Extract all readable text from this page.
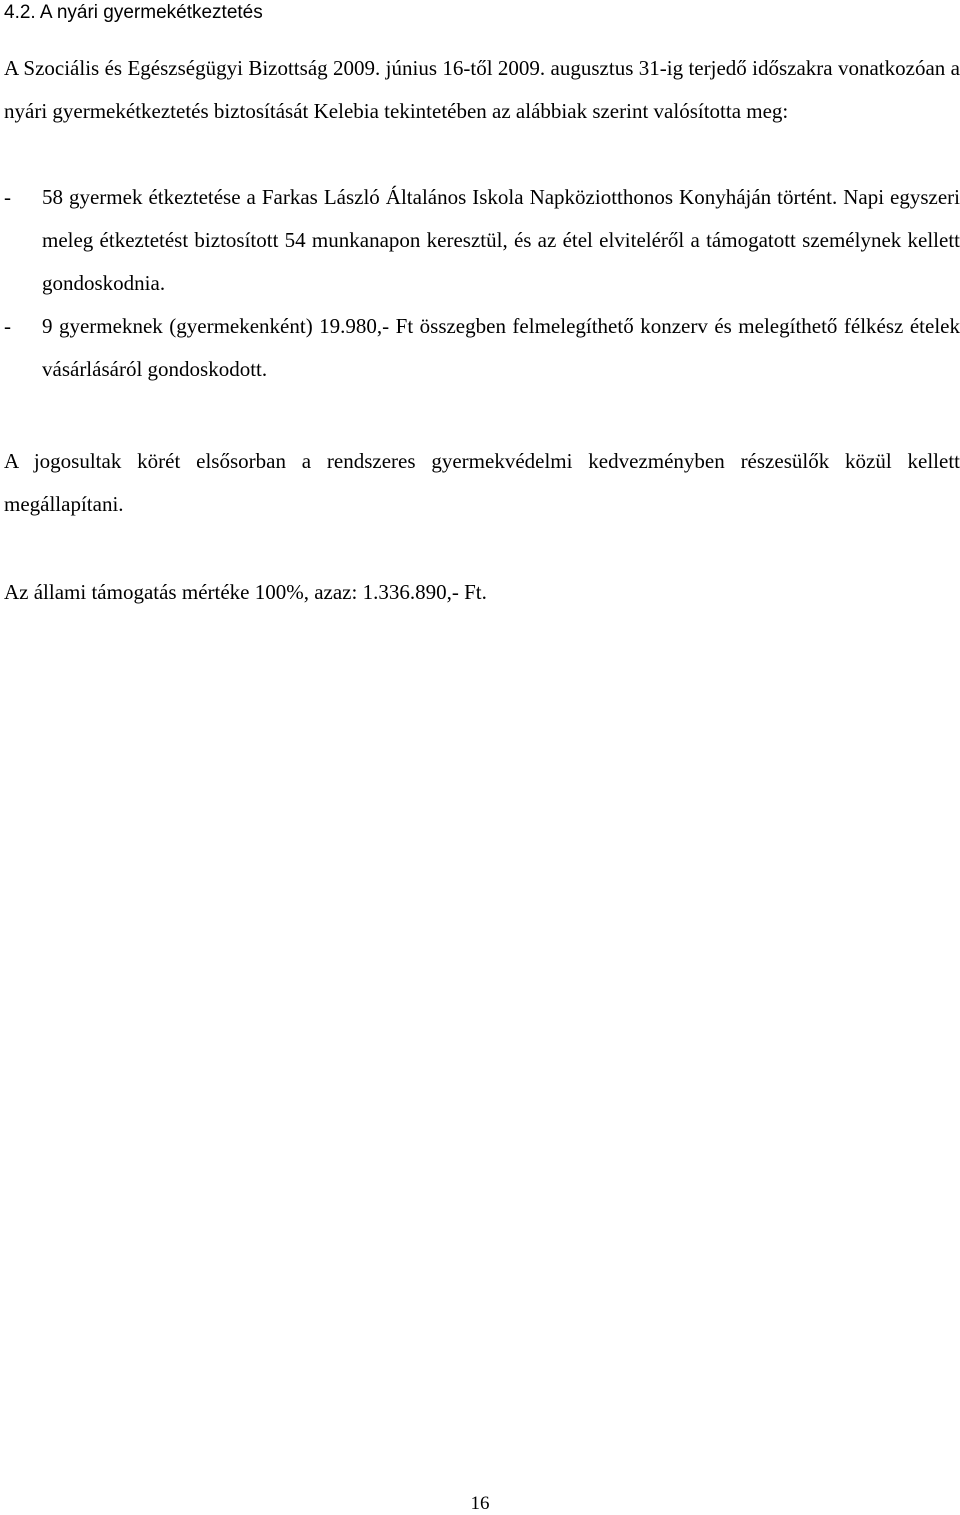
4.2. A nyári gyermekétkeztetés

A Szociális és Egészségügyi Bizottság 2009. június 16-től 2009. augusztus 31-ig terjedő időszakra vonatkozóan a nyári gyermekétkeztetés biztosítását Kelebia tekintetében az alábbiak szerint valósította meg:

- 58 gyermek étkeztetése a Farkas László Általános Iskola Napköziotthonos Konyháján történt. Napi egyszeri meleg étkeztetést biztosított 54 munkanapon keresztül, és az étel elviteléről a támogatott személynek kellett gondoskodnia.
- 9 gyermeknek (gyermekenként) 19.980,- Ft összegben felmelegíthető konzerv és melegíthető félkész ételek vásárlásáról gondoskodott.

A jogosultak körét elsősorban a rendszeres gyermekvédelmi kedvezményben részesülők közül kellett megállapítani.

Az állami támogatás mértéke 100%, azaz: 1.336.890,- Ft.

16
